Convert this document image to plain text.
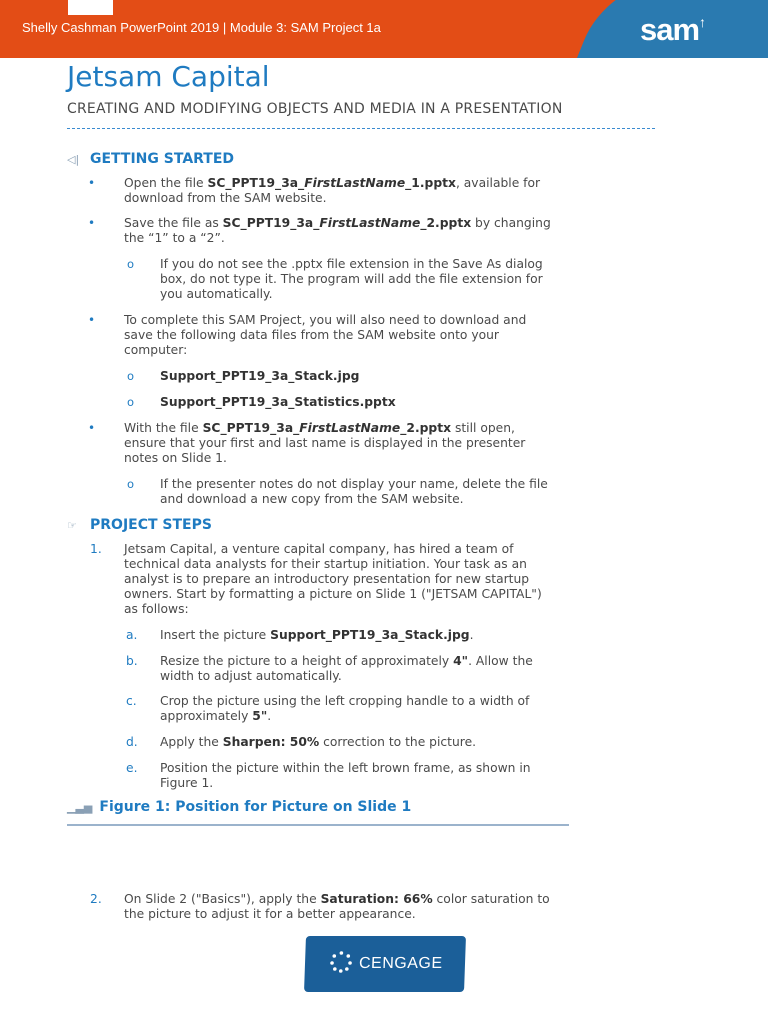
Shelly Cashman PowerPoint 2019 | Module 3: SAM Project 1a	sam↑
Jetsam Capital
CREATING AND MODIFYING OBJECTS AND MEDIA IN A PRESENTATION
◁| GETTING STARTED
• Open the file SC_PPT19_3a_FirstLastName_1.pptx, available for
download from the SAM website.
• Save the file as SC_PPT19_3a_FirstLastName_2.pptx by changing
the “1” to a “2”.
o If you do not see the .pptx file extension in the Save As dialog
box, do not type it. The program will add the file extension for
you automatically.
• To complete this SAM Project, you will also need to download and
save the following data files from the SAM website onto your
computer:
o Support_PPT19_3a_Stack.jpg
o Support_PPT19_3a_Statistics.pptx
• With the file SC_PPT19_3a_FirstLastName_2.pptx still open,
ensure that your first and last name is displayed in the presenter
notes on Slide 1.
o If the presenter notes do not display your name, delete the file
and download a new copy from the SAM website.
☞ PROJECT STEPS
1. Jetsam Capital, a venture capital company, has hired a team of
technical data analysts for their startup initiation. Your task as an
analyst is to prepare an introductory presentation for new startup
owners. Start by formatting a picture on Slide 1 ("JETSAM CAPITAL")
as follows:
a. Insert the picture Support_PPT19_3a_Stack.jpg.
b. Resize the picture to a height of approximately 4". Allow the
width to adjust automatically.
c. Crop the picture using the left cropping handle to a width of
approximately 5".
d. Apply the Sharpen: 50% correction to the picture.
e. Position the picture within the left brown frame, as shown in
Figure 1.
▁▃▅ Figure 1: Position for Picture on Slide 1
2. On Slide 2 ("Basics"), apply the Saturation: 66% color saturation to
the picture to adjust it for a better appearance.
CENGAGE
